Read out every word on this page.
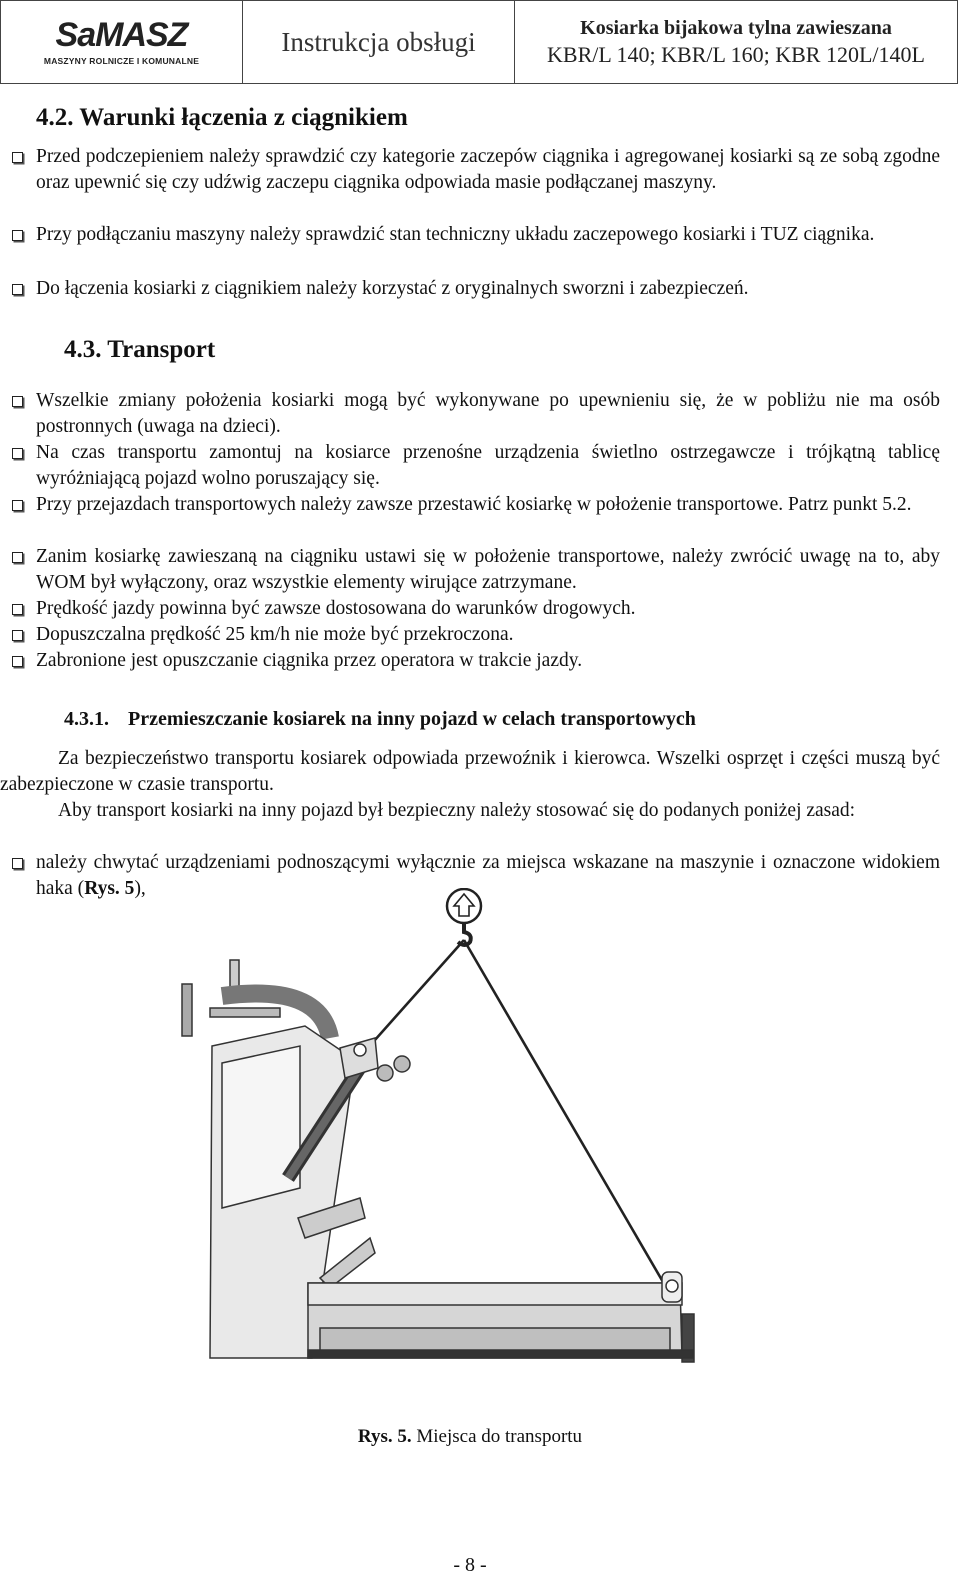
SaMASZ
MASZYNY ROLNICZE I KOMUNALNE
Instrukcja obsługi	Kosiarka bijakowa tylna zawieszana
KBR/L 140; KBR/L 160; KBR 120L/140L
4.2. Warunki łączenia z ciągnikiem
Przed podczepieniem należy sprawdzić czy kategorie zaczepów ciągnika i agregowanej kosiarki są ze sobą zgodne oraz upewnić się czy udźwig zaczepu ciągnika odpowiada masie podłączanej maszyny.
Przy podłączaniu maszyny należy sprawdzić stan techniczny układu zaczepowego kosiarki i TUZ ciągnika.
Do łączenia kosiarki z ciągnikiem należy korzystać z oryginalnych sworzni i zabezpieczeń.
4.3. Transport
Wszelkie zmiany położenia kosiarki mogą być wykonywane po upewnieniu się, że w pobliżu nie ma osób postronnych (uwaga na dzieci).
Na czas transportu zamontuj na kosiarce przenośne urządzenia świetlno ostrzegawcze i trójkątną tablicę wyróżniającą pojazd wolno poruszający się.
Przy przejazdach transportowych należy zawsze przestawić kosiarkę w położenie transportowe. Patrz punkt 5.2.
Zanim kosiarkę zawieszaną na ciągniku ustawi się w położenie transportowe, należy zwrócić uwagę na to, aby WOM był wyłączony, oraz wszystkie elementy wirujące zatrzymane.
Prędkość jazdy powinna być zawsze dostosowana do warunków drogowych.
Dopuszczalna prędkość 25 km/h nie może być przekroczona.
Zabronione jest opuszczanie ciągnika przez operatora w trakcie jazdy.
4.3.1. Przemieszczanie kosiarek na inny pojazd w celach transportowych
Za bezpieczeństwo transportu kosiarek odpowiada przewoźnik i kierowca. Wszelki osprzęt i części muszą być zabezpieczone w czasie transportu.
Aby transport kosiarki na inny pojazd był bezpieczny należy stosować się do podanych poniżej zasad:
należy chwytać urządzeniami podnoszącymi wyłącznie za miejsca wskazane na maszynie i oznaczone widokiem haka (Rys. 5),
Rys. 5. Miejsca do transportu
- 8 -
